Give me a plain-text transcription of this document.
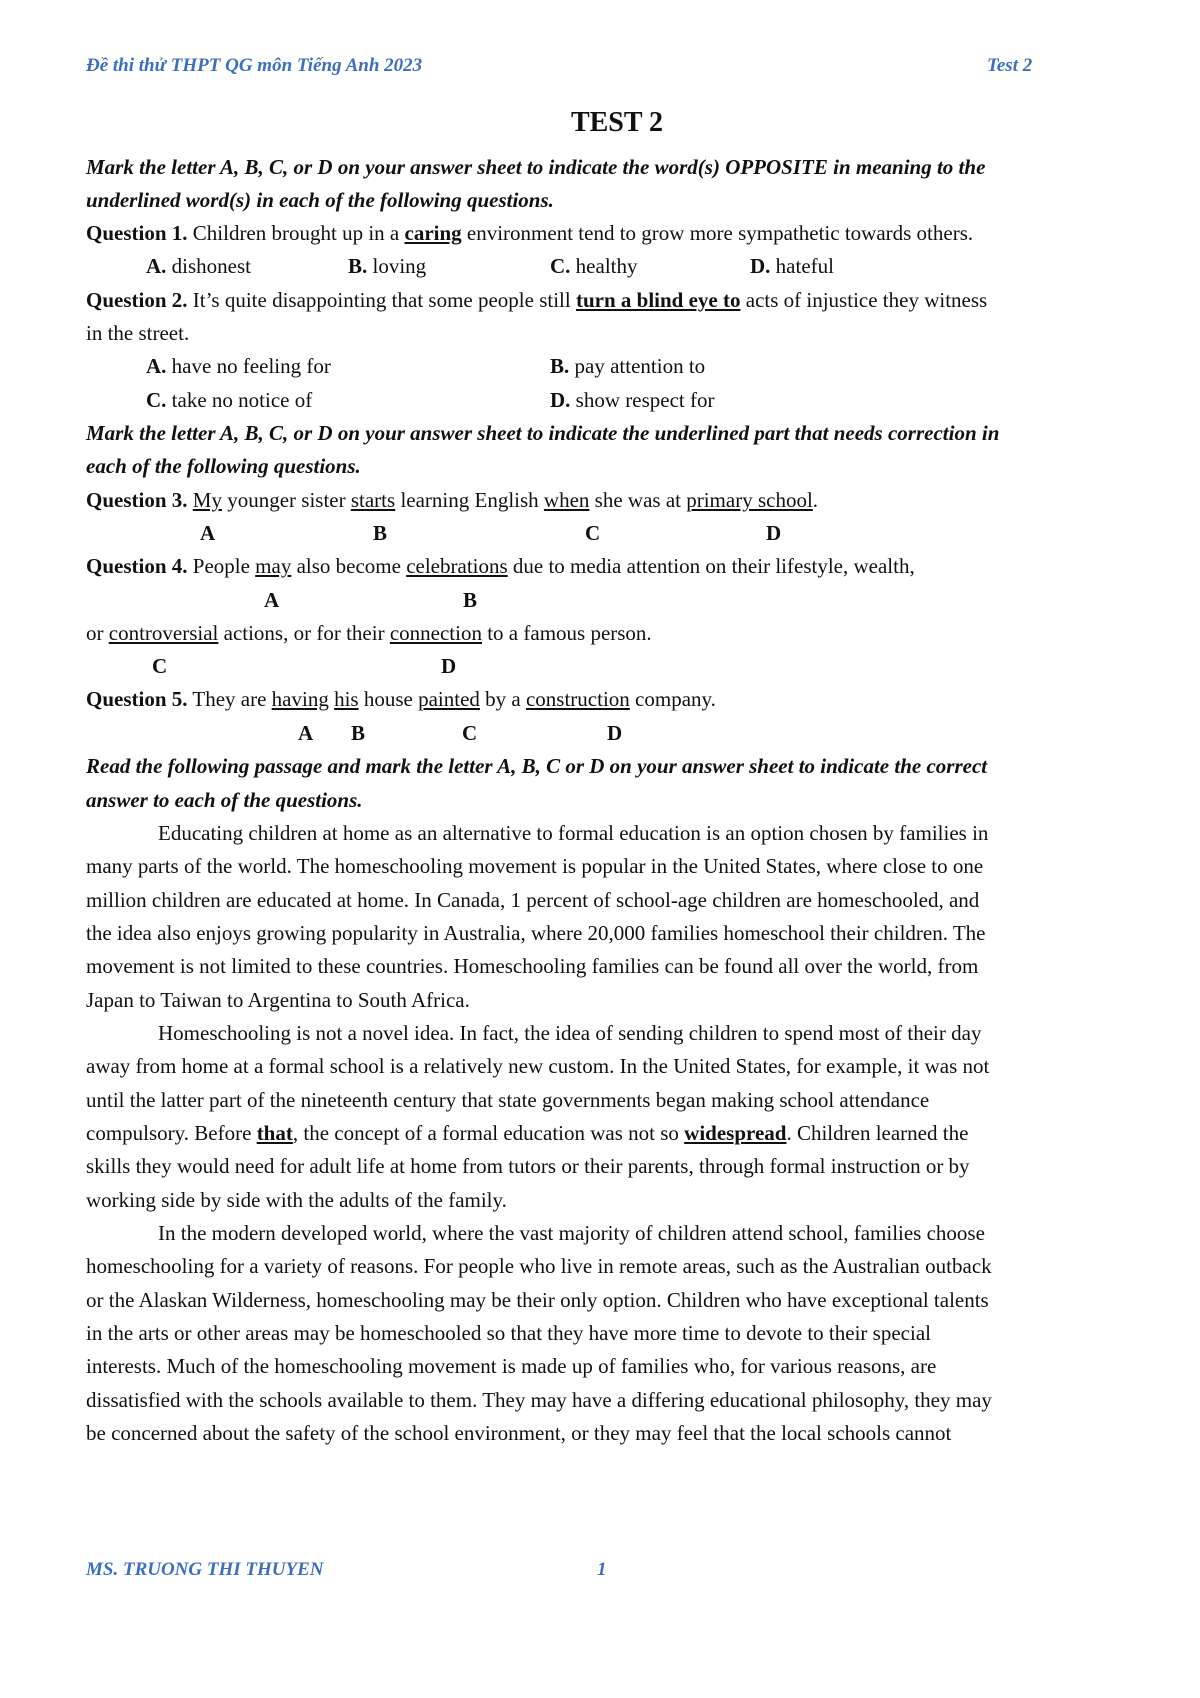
Đề thi thử THPT QG môn Tiếng Anh 2023	Test 2
TEST 2
Mark the letter A, B, C, or D on your answer sheet to indicate the word(s) OPPOSITE in meaning to the
underlined word(s) in each of the following questions.
Question 1. Children brought up in a caring environment tend to grow more sympathetic towards others.
A. dishonest	B. loving	C. healthy	D. hateful
Question 2. It’s quite disappointing that some people still turn a blind eye to acts of injustice they witness
in the street.
A. have no feeling for	B. pay attention to
C. take no notice of	D. show respect for
Mark the letter A, B, C, or D on your answer sheet to indicate the underlined part that needs correction in
each of the following questions.
Question 3. My younger sister starts learning English when she was at primary school.
A	B	C	D
Question 4. People may also become celebrations due to media attention on their lifestyle, wealth,
A	B
or controversial actions, or for their connection to a famous person.
C	D
Question 5. They are having his house painted by a construction company.
A B	C	D
Read the following passage and mark the letter A, B, C or D on your answer sheet to indicate the correct
answer to each of the questions.
Educating children at home as an alternative to formal education is an option chosen by families in
many parts of the world. The homeschooling movement is popular in the United States, where close to one
million children are educated at home. In Canada, 1 percent of school-age children are homeschooled, and
the idea also enjoys growing popularity in Australia, where 20,000 families homeschool their children. The
movement is not limited to these countries. Homeschooling families can be found all over the world, from
Japan to Taiwan to Argentina to South Africa.
Homeschooling is not a novel idea. In fact, the idea of sending children to spend most of their day
away from home at a formal school is a relatively new custom. In the United States, for example, it was not
until the latter part of the nineteenth century that state governments began making school attendance
compulsory. Before that, the concept of a formal education was not so widespread. Children learned the
skills they would need for adult life at home from tutors or their parents, through formal instruction or by
working side by side with the adults of the family.
In the modern developed world, where the vast majority of children attend school, families choose
homeschooling for a variety of reasons. For people who live in remote areas, such as the Australian outback
or the Alaskan Wilderness, homeschooling may be their only option. Children who have exceptional talents
in the arts or other areas may be homeschooled so that they have more time to devote to their special
interests. Much of the homeschooling movement is made up of families who, for various reasons, are
dissatisfied with the schools available to them. They may have a differing educational philosophy, they may
be concerned about the safety of the school environment, or they may feel that the local schools cannot
MS. TRUONG THI THUYEN	1
